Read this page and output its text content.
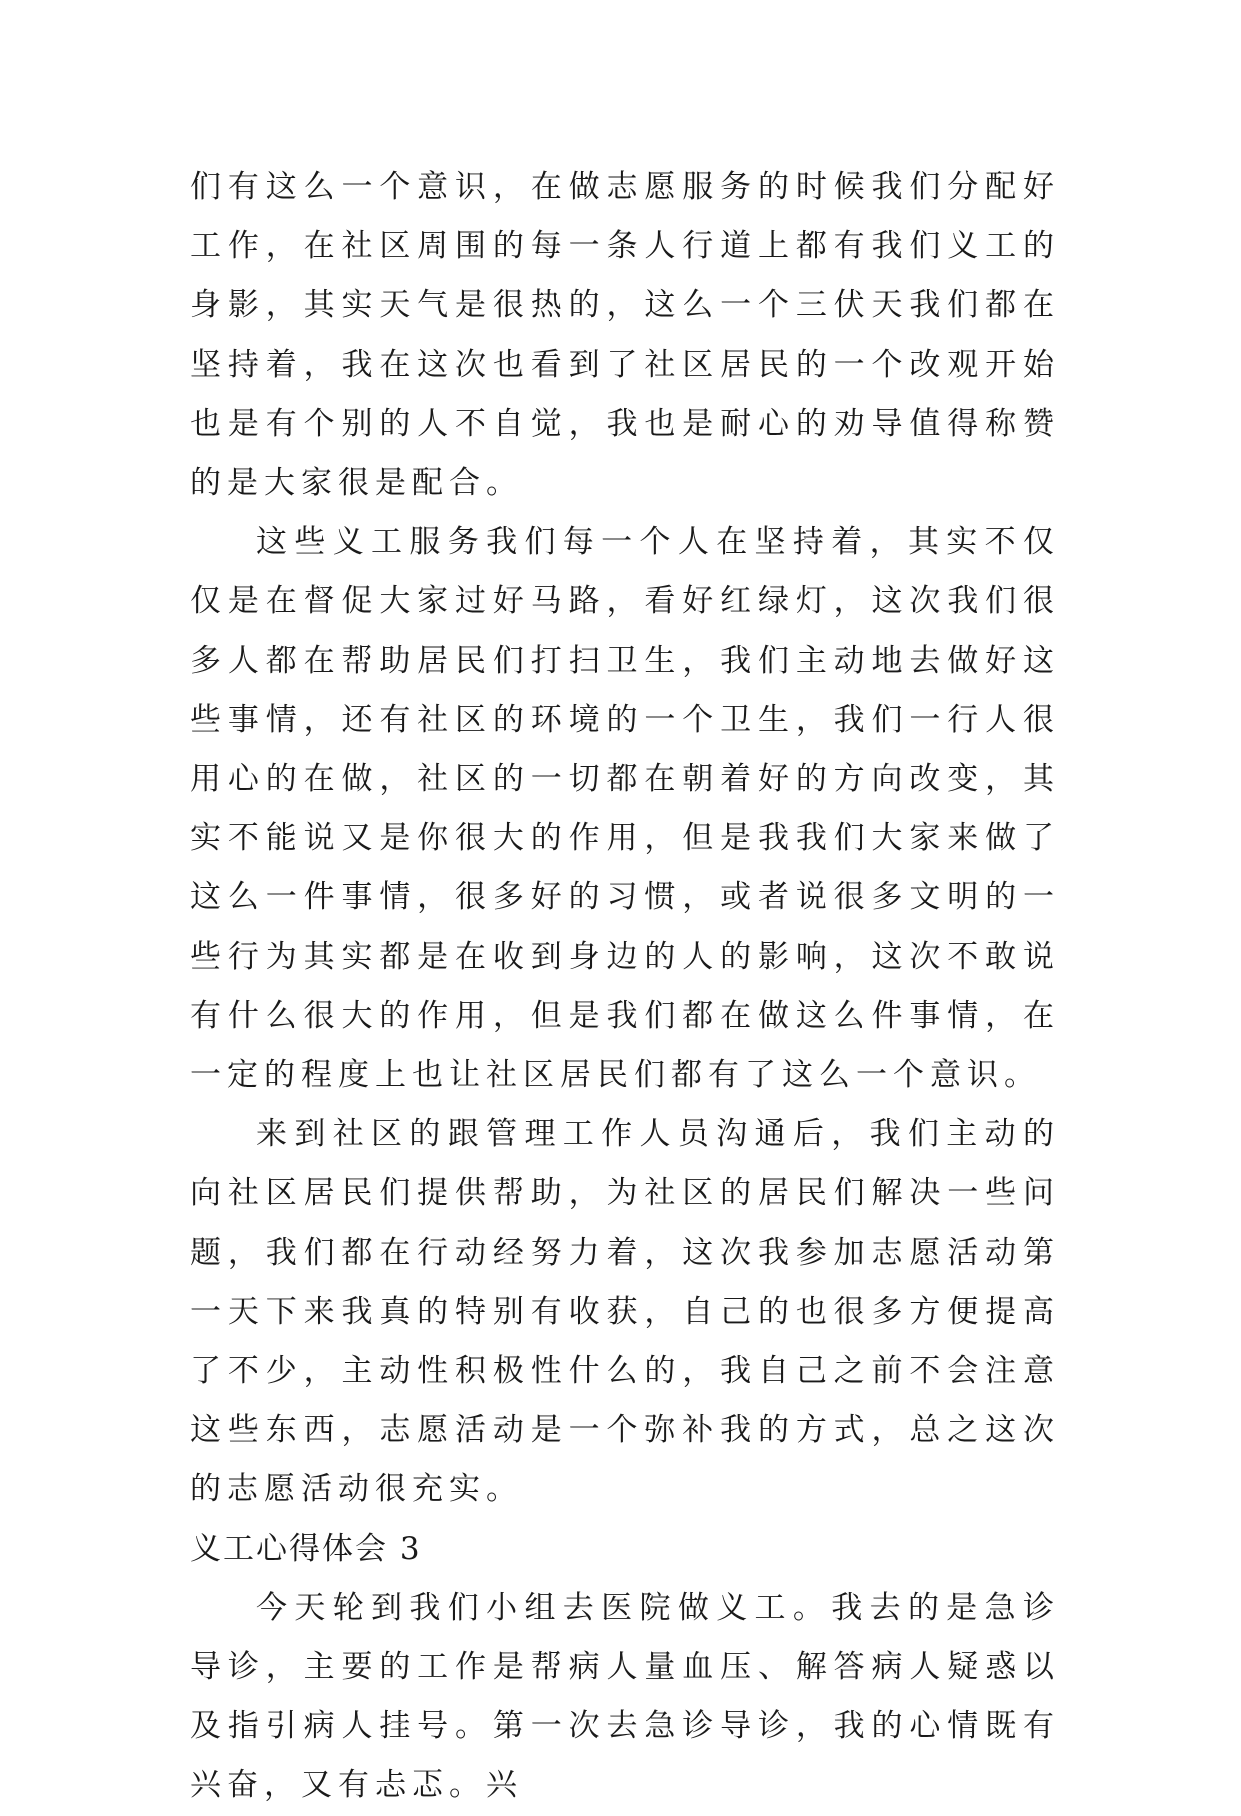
们有这么一个意识，在做志愿服务的时候我们分配好工作，在社区周围的每一条人行道上都有我们义工的身影，其实天气是很热的，这么一个三伏天我们都在坚持着，我在这次也看到了社区居民的一个改观开始也是有个别的人不自觉，我也是耐心的劝导值得称赞的是大家很是配合。

这些义工服务我们每一个人在坚持着，其实不仅仅是在督促大家过好马路，看好红绿灯，这次我们很多人都在帮助居民们打扫卫生，我们主动地去做好这些事情，还有社区的环境的一个卫生，我们一行人很用心的在做，社区的一切都在朝着好的方向改变，其实不能说又是你很大的作用，但是我我们大家来做了这么一件事情，很多好的习惯，或者说很多文明的一些行为其实都是在收到身边的人的影响，这次不敢说有什么很大的作用，但是我们都在做这么件事情，在一定的程度上也让社区居民们都有了这么一个意识。

来到社区的跟管理工作人员沟通后，我们主动的向社区居民们提供帮助，为社区的居民们解决一些问题，我们都在行动经努力着，这次我参加志愿活动第一天下来我真的特别有收获，自己的也很多方便提高了不少，主动性积极性什么的，我自己之前不会注意这些东西，志愿活动是一个弥补我的方式，总之这次的志愿活动很充实。

义工心得体会 3

今天轮到我们小组去医院做义工。我去的是急诊导诊，主要的工作是帮病人量血压、解答病人疑惑以及指引病人挂号。第一次去急诊导诊，我的心情既有兴奋，又有忐忑。兴
